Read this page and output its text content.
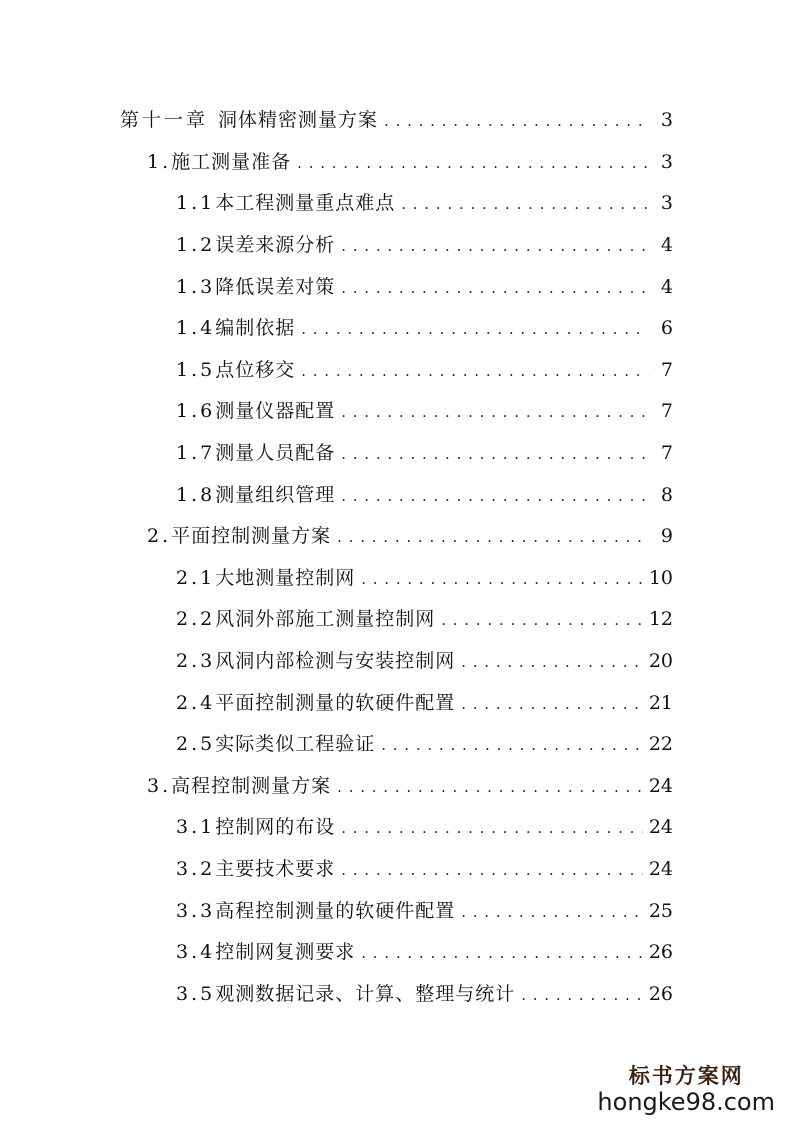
第十一章 洞体精密测量方案 . . .	3
1. 施工测量准备 . . .	3
1.1 本工程测量重点难点 . . .	3
1.2 误差来源分析 . . .	4
1.3 降低误差对策 . . .	4
1.4 编制依据 . . .	6
1.5 点位移交 . . .	7
1.6 测量仪器配置 . . .	7
1.7 测量人员配备 . . .	7
1.8 测量组织管理 . . .	8
2. 平面控制测量方案 . . .	9
2.1 大地测量控制网 . . .	10
2.2 风洞外部施工测量控制网 . . .	12
2.3 风洞内部检测与安装控制网 . . .	20
2.4 平面控制测量的软硬件配置 . . .	21
2.5 实际类似工程验证 . . .	22
3. 高程控制测量方案 . . .	24
3.1 控制网的布设 . . .	24
3.2 主要技术要求 . . .	24
3.3 高程控制测量的软硬件配置 . . .	25
3.4 控制网复测要求 . . .	26
3.5 观测数据记录、计算、整理与统计 . . .	26
标书方案网
hongke98.com
